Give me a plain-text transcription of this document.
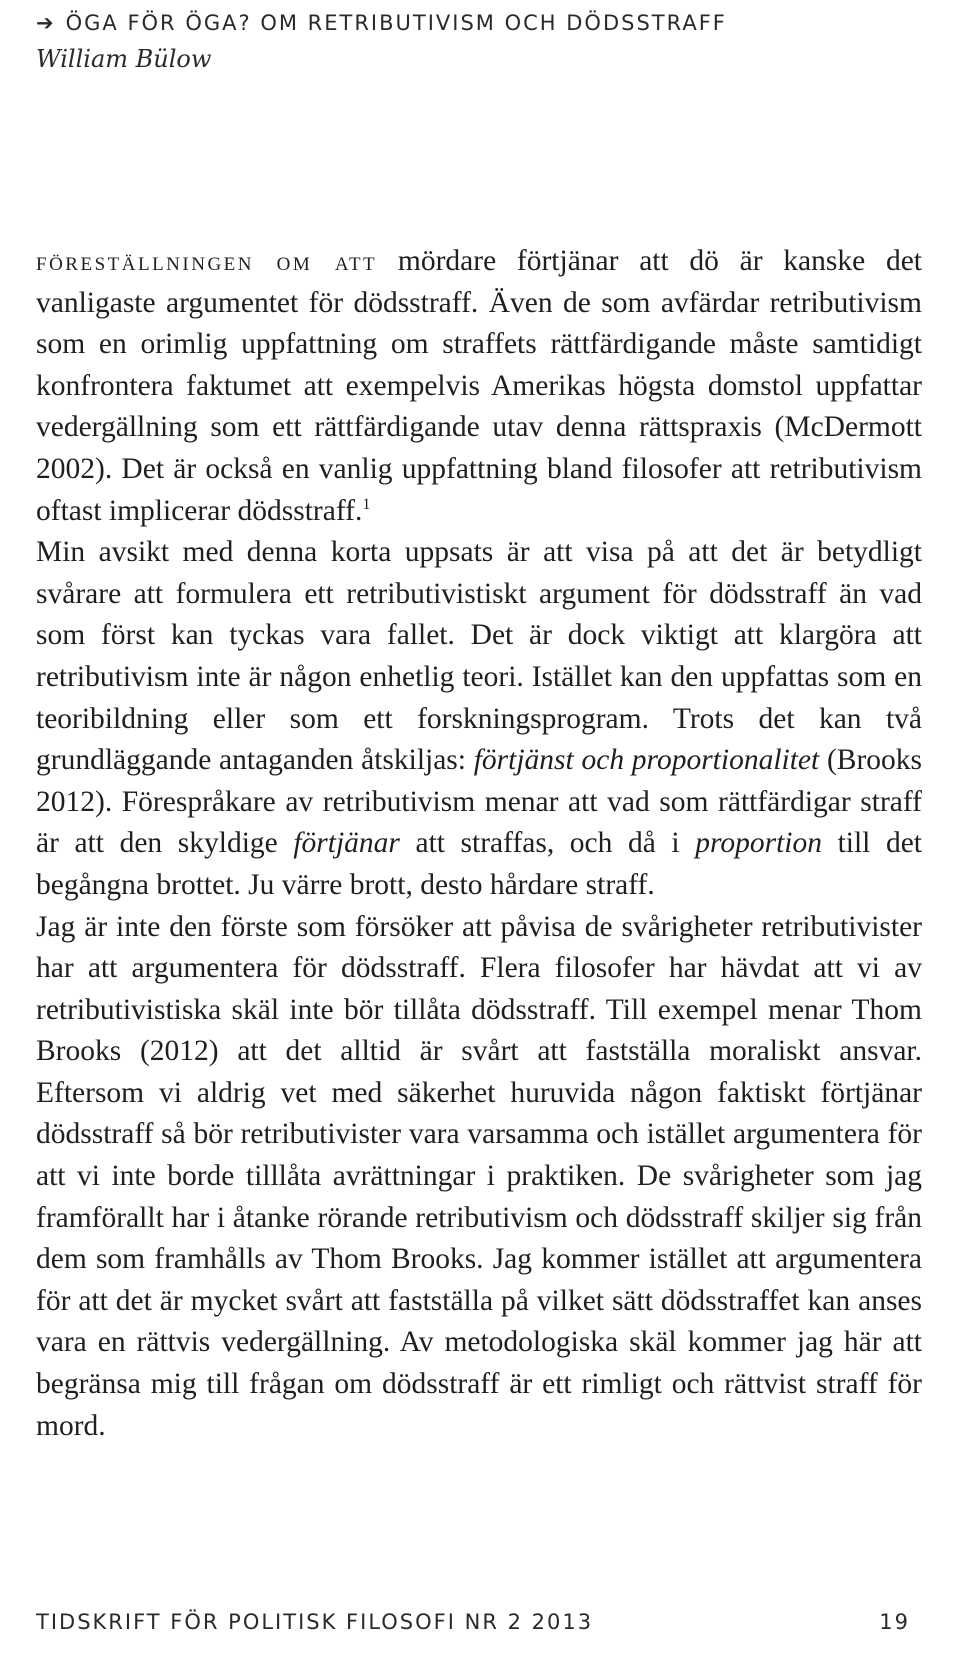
➔ ÖGA FÖR ÖGA? OM RETRIBUTIVISM OCH DÖDSSTRAFF
William Bülow

föreställningen om att mördare förtjänar att dö är kanske det vanligaste argumentet för dödsstraff. Även de som avfärdar retributivism som en orimlig uppfattning om straffets rättfärdigande måste samtidigt konfrontera faktumet att exempelvis Amerikas högsta domstol uppfattar vedergällning som ett rättfärdigande utav denna rättspraxis (McDermott 2002). Det är också en vanlig uppfattning bland filosofer att retributivism oftast implicerar dödsstraff.$^1$

Min avsikt med denna korta uppsats är att visa på att det är betydligt svårare att formulera ett retributivistiskt argument för dödsstraff än vad som först kan tyckas vara fallet. Det är dock viktigt att klargöra att retributivism inte är någon enhetlig teori. Istället kan den uppfattas som en teoribildning eller som ett forskningsprogram. Trots det kan två grundläggande antaganden åtskiljas: förtjänst och proportionalitet (Brooks 2012). Förespråkare av retributivism menar att vad som rättfärdigar straff är att den skyldige förtjänar att straffas, och då i proportion till det begångna brottet. Ju värre brott, desto hårdare straff.

Jag är inte den förste som försöker att påvisa de svårigheter retributivister har att argumentera för dödsstraff. Flera filosofer har hävdat att vi av retributivistiska skäl inte bör tillåta dödsstraff. Till exempel menar Thom Brooks (2012) att det alltid är svårt att fastställa moraliskt ansvar. Eftersom vi aldrig vet med säkerhet huruvida någon faktiskt förtjänar dödsstraff så bör retributivister vara varsamma och istället argumentera för att vi inte borde tilllåta avrättningar i praktiken. De svårigheter som jag framförallt har i åtanke rörande retributivism och dödsstraff skiljer sig från dem som framhålls av Thom Brooks. Jag kommer istället att argumentera för att det är mycket svårt att fastställa på vilket sätt dödsstraffet kan anses vara en rättvis vedergällning. Av metodologiska skäl kommer jag här att begränsa mig till frågan om dödsstraff är ett rimligt och rättvist straff för mord.

TIDSKRIFT FÖR POLITISK FILOSOFI NR 2 2013	19
